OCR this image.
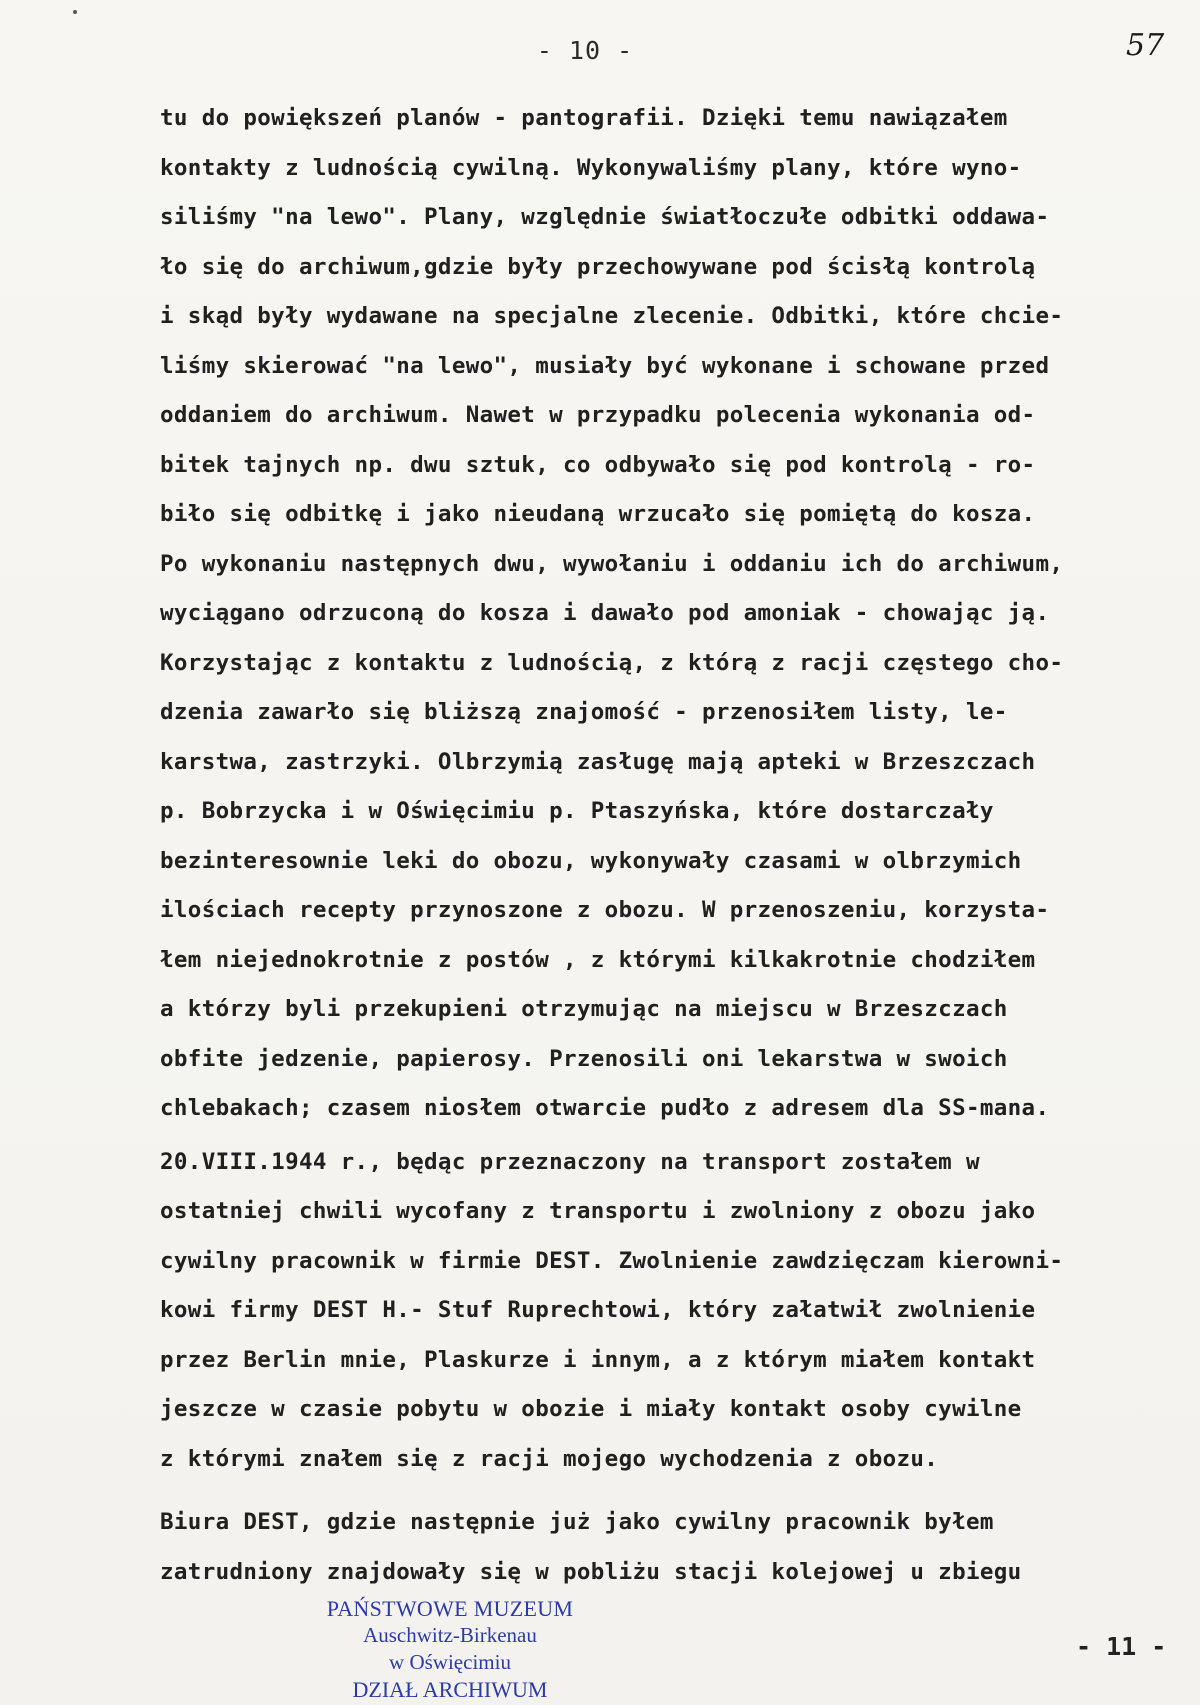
- 10 -	57
tu do powiększeń planów - pantografii. Dzięki temu nawiązałem
kontakty z ludnością cywilną. Wykonywaliśmy plany, które wyno-
siliśmy "na lewo". Plany, względnie światłoczułe odbitki oddawa-
ło się do archiwum,gdzie były przechowywane pod ścisłą kontrolą
i skąd były wydawane na specjalne zlecenie. Odbitki, które chcie-
liśmy skierować "na lewo", musiały być wykonane i schowane przed
oddaniem do archiwum. Nawet w przypadku polecenia wykonania od-
bitek tajnych np. dwu sztuk, co odbywało się pod kontrolą - ro-
biło się odbitkę i jako nieudaną wrzucało się pomiętą do kosza.
Po wykonaniu następnych dwu, wywołaniu i oddaniu ich do archiwum,
wyciągano odrzuconą do kosza i dawało pod amoniak - chowając ją.
Korzystając z kontaktu z ludnością, z którą z racji częstego cho-
dzenia zawarło się bliższą znajomość - przenosiłem listy, le-
karstwa, zastrzyki. Olbrzymią zasługę mają apteki w Brzeszczach
p. Bobrzycka i w Oświęcimiu p. Ptaszyńska, które dostarczały
bezinteresownie leki do obozu, wykonywały czasami w olbrzymich
ilościach recepty przynoszone z obozu. W przenoszeniu, korzysta-
łem niejednokrotnie z postów , z którymi kilkakrotnie chodziłem
a którzy byli przekupieni otrzymując na miejscu w Brzeszczach
obfite jedzenie, papierosy. Przenosili oni lekarstwa w swoich
chlebakach; czasem niosłem otwarcie pudło z adresem dla SS-mana.
20.VIII.1944 r., będąc przeznaczony na transport zostałem w
ostatniej chwili wycofany z transportu i zwolniony z obozu jako
cywilny pracownik w firmie DEST. Zwolnienie zawdzięczam kierowni-
kowi firmy DEST H.- Stuf Ruprechtowi, który załatwił zwolnienie
przez Berlin mnie, Plaskurze i innym, a z którym miałem kontakt
jeszcze w czasie pobytu w obozie i miały kontakt osoby cywilne
z którymi znałem się z racji mojego wychodzenia z obozu.
Biura DEST, gdzie następnie już jako cywilny pracownik byłem
zatrudniony znajdowały się w pobliżu stacji kolejowej u zbiegu
- 11 -
PAŃSTWOWE MUZEUM
Auschwitz-Birkenau
w Oświęcimiu
DZIAŁ ARCHIWUM
